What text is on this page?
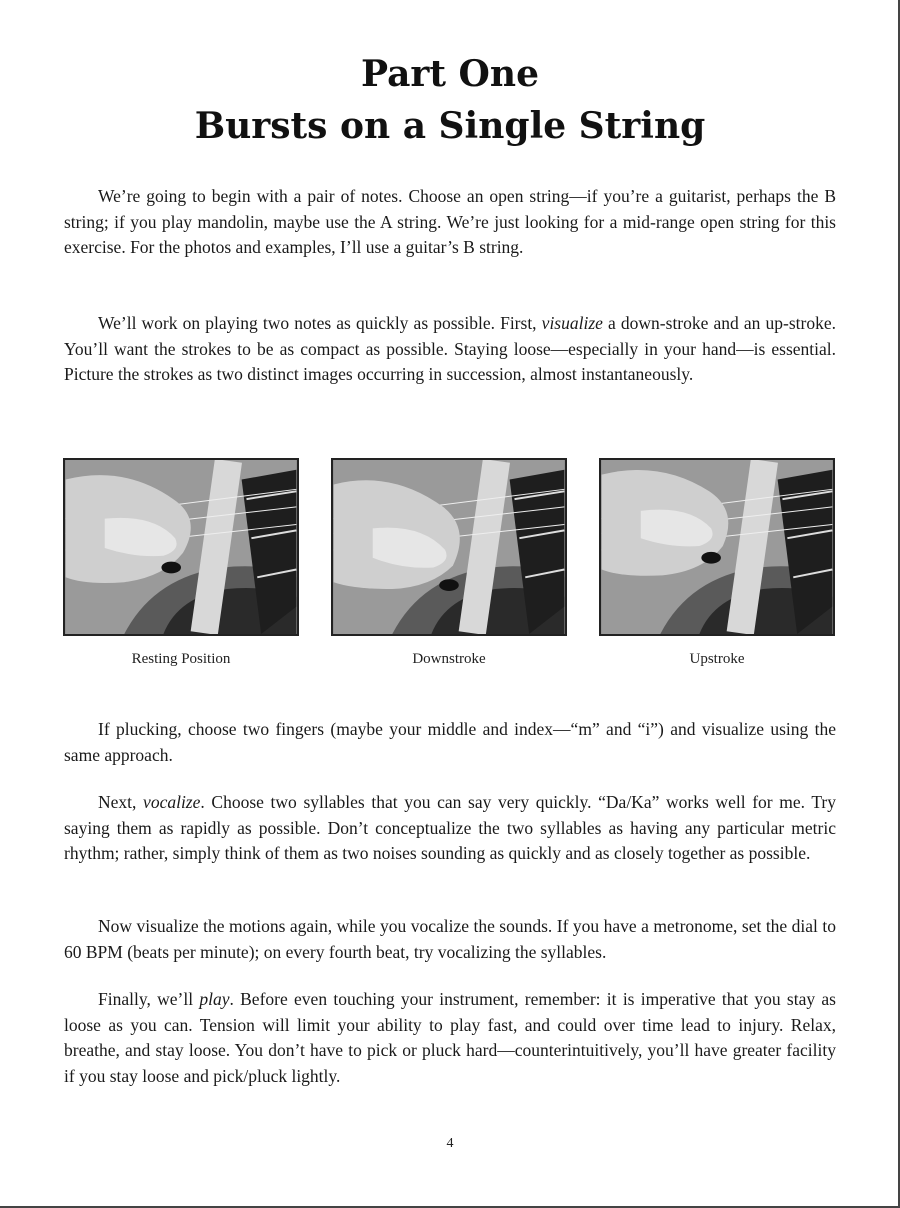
Part One
Bursts on a Single String

We’re going to begin with a pair of notes. Choose an open string—if you’re a guitarist, perhaps the B string; if you play mandolin, maybe use the A string. We’re just looking for a mid-range open string for this exercise. For the photos and examples, I’ll use a guitar’s B string.

We’ll work on playing two notes as quickly as possible. First, visualize a down-stroke and an up-stroke. You’ll want the strokes to be as compact as possible. Staying loose—especially in your hand—is essential. Picture the strokes as two distinct images occurring in succession, almost instantaneously.

Resting Position	Downstroke	Upstroke

If plucking, choose two fingers (maybe your middle and index—“m” and “i”) and visualize using the same approach.

Next, vocalize. Choose two syllables that you can say very quickly. “Da/Ka” works well for me. Try saying them as rapidly as possible. Don’t conceptualize the two syllables as having any particular metric rhythm; rather, simply think of them as two noises sounding as quickly and as closely together as possible.

Now visualize the motions again, while you vocalize the sounds. If you have a metronome, set the dial to 60 BPM (beats per minute); on every fourth beat, try vocalizing the syllables.

Finally, we’ll play. Before even touching your instrument, remember: it is imperative that you stay as loose as you can. Tension will limit your ability to play fast, and could over time lead to injury. Relax, breathe, and stay loose. You don’t have to pick or pluck hard—counterintuitively, you’ll have greater facility if you stay loose and pick/pluck lightly.

4
